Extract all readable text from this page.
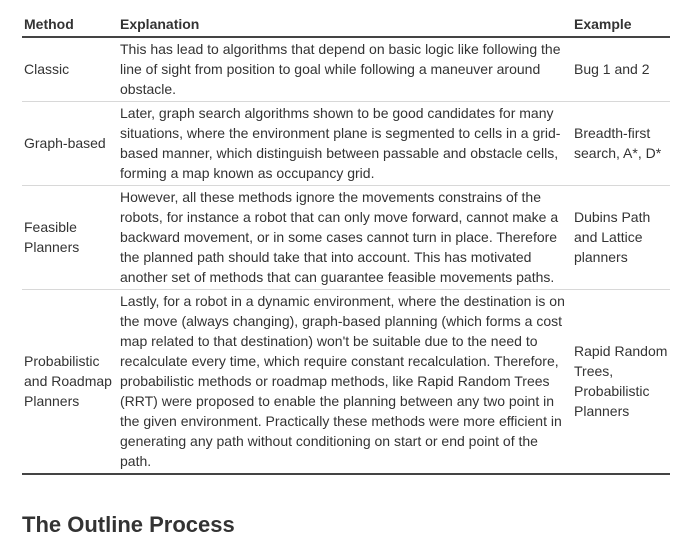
Method	Explanation	Example
Classic	This has lead to algorithms that depend on basic logic like following the line of sight from position to goal while following a maneuver around obstacle.	Bug 1 and 2
Graph-based	Later, graph search algorithms shown to be good candidates for many situations, where the environment plane is segmented to cells in a grid-based manner, which distinguish between passable and obstacle cells, forming a map known as occupancy grid.	Breadth-first search, A*, D*
Feasible Planners	However, all these methods ignore the movements constrains of the robots, for instance a robot that can only move forward, cannot make a backward movement, or in some cases cannot turn in place. Therefore the planned path should take that into account. This has motivated another set of methods that can guarantee feasible movements paths.	Dubins Path and Lattice planners
Probabilistic and Roadmap Planners	Lastly, for a robot in a dynamic environment, where the destination is on the move (always changing), graph-based planning (which forms a cost map related to that destination) won't be suitable due to the need to recalculate every time, which require constant recalculation. Therefore, probabilistic methods or roadmap methods, like Rapid Random Trees (RRT) were proposed to enable the planning between any two point in the given environment. Practically these methods were more efficient in generating any path without conditioning on start or end point of the path.	Rapid Random Trees, Probabilistic Planners
The Outline Process
